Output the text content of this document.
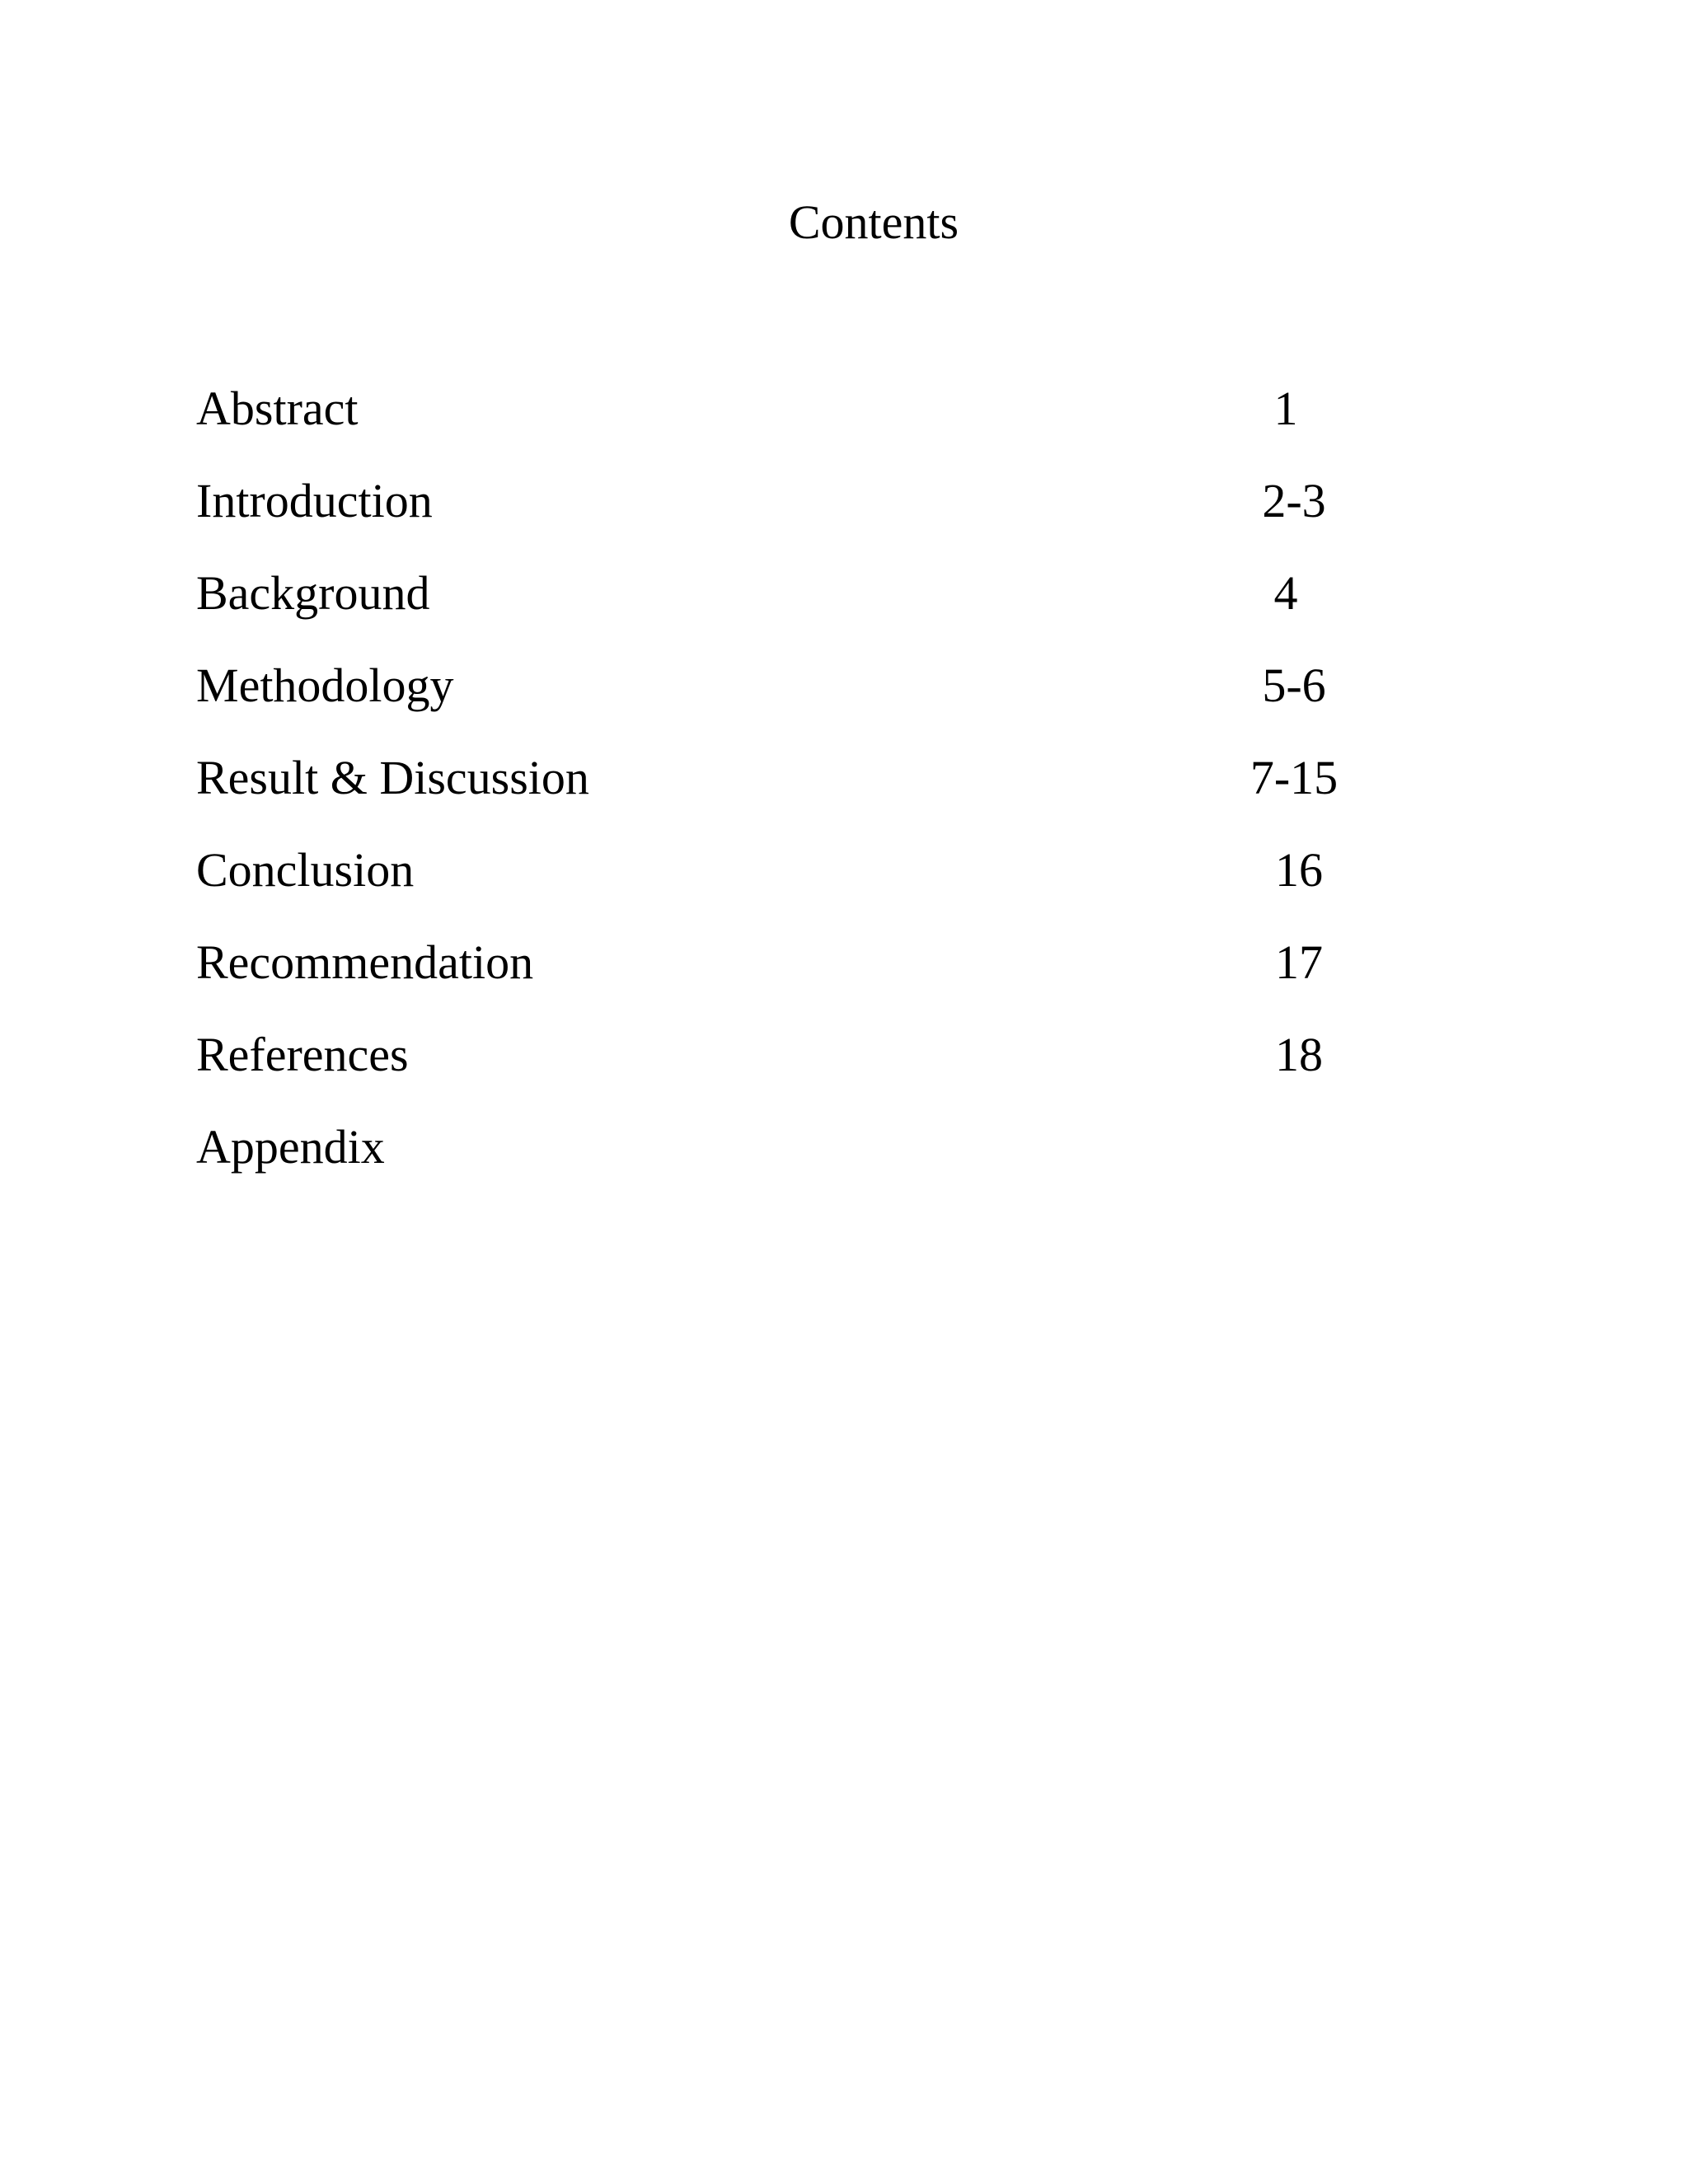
Contents
Abstract	1
Introduction	2-3
Background	4
Methodology	5-6
Result & Discussion	7-15
Conclusion	16
Recommendation	17
References	18
Appendix
